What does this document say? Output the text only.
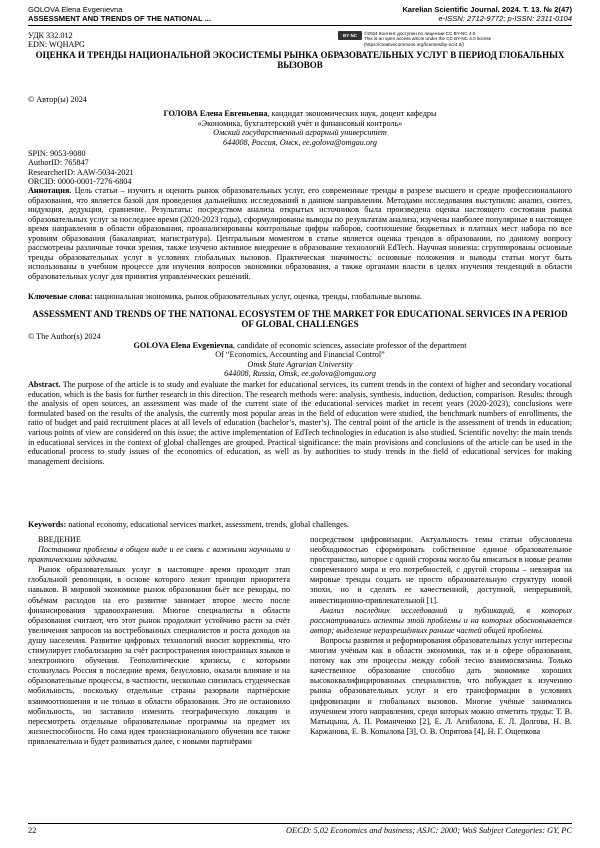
GOLOVA Elena Evgenievna
ASSESSMENT AND TRENDS OF THE NATIONAL ...
Karelian Scientific Journal. 2024. Т. 13. № 2(47)
e-ISSN: 2712-9772; p-ISSN: 2311-0104
УДК 332.012
EDN: WQHAPG
BY NC ©2024 Контент доступен по лицензии CC BY-NC 4.0
This is an open access article under the CC BY-NC 4.0 license
(https://creativecommons.org/licenses/by-nc/4.0/)
ОЦЕНКА И ТРЕНДЫ НАЦИОНАЛЬНОЙ ЭКОСИСТЕМЫ РЫНКА ОБРАЗОВАТЕЛЬНЫХ УСЛУГ В ПЕРИОД ГЛОБАЛЬНЫХ ВЫЗОВОВ
© Автор(ы) 2024
ГОЛОВА Елена Евгеньевна, кандидат экономических наук, доцент кафедры
«Экономика, бухгалтерский учёт и финансовый контроль»
Омский государственный аграрный университет
644008, Россия, Омск, ee.golova@omgau.org
SPIN: 9053-9080
AuthorID: 765847
ResearcherID: AAW-5034-2021
ORCID: 0000-0001-7276-6804
Аннотация. Цель статьи – изучить и оценить рынок образовательных услуг, его современные тренды в разрезе высшего и средне профессионального образования, что является базой для проведения дальнейших исследований в данном направлении. Методами исследования выступили: анализ, синтез, индукция, дедукция, сравнение. Результаты: посредством анализа открытых источников была произведена оценка настоящего состояния рынка образовательных услуг за последнее время (2020-2023 годы), сформулированы выводы по результатам анализа, изучены наиболее популярные в настоящее время направления в области образования, проанализированы контрольные цифры наборов, соотношение бюджетных и платных мест набора по все уровням образования (бакалавриат, магистратура). Центральным моментом в статье является оценка трендов в образовании, по данному вопросу рассмотрены различные точки зрения, также изучено активное внедрение в образование технологий EdTech. Научная новизна: сгруппированы основные тренды образовательных услуг в условиях глобальных вызовов. Практическая значимость: основные положения и выводы статьи могут быть использованы в учебном процессе для изучения вопросов экономики образования, а также органами власти в целях изучения тенденций в области образовательных услуг для принятия управленческих решений.
Ключевые слова: национальная экономика, рынок образовательных услуг, оценка, тренды, глобальные вызовы.
ASSESSMENT AND TRENDS OF THE NATIONAL ECOSYSTEM OF THE MARKET FOR EDUCATIONAL SERVICES IN A PERIOD OF GLOBAL CHALLENGES
© The Author(s) 2024
GOLOVA Elena Evgenievna, candidate of economic sciences, associate professor of the department
Of “Economics, Accounting and Financial Control”
Omsk State Agrarian University
644008, Russia, Omsk, ee.golova@omgau.org
Abstract. The purpose of the article is to study and evaluate the market for educational services, its current trends in the context of higher and secondary vocational education, which is the basis for further research in this direction. The research methods were: analysis, synthesis, induction, deduction, comparison. Results: through the analysis of open sources, an assessment was made of the current state of the educational services market in recent years (2020-2023), conclusions were formulated based on the results of the analysis, the currently most popular areas in the field of education were studied, the benchmark numbers of enrollments, the ratio of budget and paid recruitment places at all levels of education (bachelor’s, master’s). The central point of the article is the assessment of trends in education; various points of view are considered on this issue; the active implementation of EdTech technologies in education is also studied. Scientific novelty: the main trends in educational services in the context of global challenges are grouped. Practical significance: the main provisions and conclusions of the article can be used in the educational process to study issues of the economics of education, as well as by authorities to study trends in the field of educational services for making management decisions.
Keywords: national economy, educational services market, assessment, trends, global challenges.

ВВЕДЕНИЕ

Постановка проблемы в общем виде и ее связь с важными научными и практическими задачами.

Рынок образовательных услуг в настоящее время проходит этап глобальной революции, в основе которого лежит принцип приоритета навыков. В мировой экономике рынок образования бьёт все рекорды, по объёмам расходов на его развитие занимает второе место после финансирования здравоохранения. Многое специалисты в области образования считают, что этот рынок продолжит устойчиво расти за счёт увеличения запросов на востребованных специалистов и роста доходов на душу населения. Развитие цифровых технологий вносит коррективы, что стимулирует глобализацию за счёт распространения иностранных языков и электронного обучения. Геополитические кризисы, с которыми столкнулась Россия в последние время, безусловно, оказали влияние и на образовательные процессы, в частности, несколько снизилась студенческая мобильность, поскольку отдельные страны разорвали партнёрские взаимоотношения и не только в области образования. Это не остановило мобильность, но заставило изменить географическую локацию и пересмотреть отдельные образовательные программы на предмет их жизнеспособности. Но сама идея транснационального обучения все также привлекательна и будет развиваться далее, с новыми партнёрами

посредством цифровизации. Актуальность темы статьи обусловлена необходимостью сформировать собственное единое образовательное пространство, которое с одной стороны могло бы вписаться в новые реалии современного мира и его потребностей, с другой стороны – невзирая на мировые тренды создать не просто образовательную структуру новой эпохи, но и сделать ее качественной, доступной, непрерывной, инвестиционно-привлекательной [1].

Анализ последних исследований и публикаций, в которых рассматривались аспекты этой проблемы и на которых обосновывается автор; выделение неразрешённых раньше частей общей проблемы.

Вопросы развития и реформирования образовательных услуг интересны многим учёным как в области экономики, так и в сфере образования, потому как эти процессы между собой тесно взаимосвязаны. Только качественное образование способно дать экономике хороших высококвалифицированных специалистов, что побуждает к изучению рынка образовательных услуг и его трансформации в условиях цифровизации и глобальных вызовов. Многие учёные занимались изучением этого направления, среди которых можно отметить труды: Т. В. Матыцына, А. П. Романченко [2], Е. Л. Агибалова, Е. Л. Долгова, Н. В. Каржанова, Е. В. Копылова [3], О. В. Опрятова [4], Н. Г. Ощепкова

22	OECD: 5.02 Economics and business; ASJC: 2000; WoS Subject Categories: GY, PC
